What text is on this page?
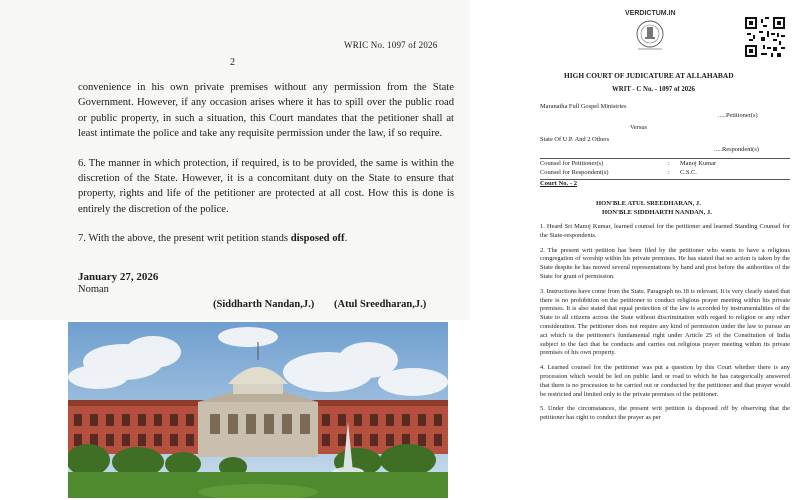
WRIC No. 1097 of 2026
2

convenience in his own private premises without any permission from the State Government. However, if any occasion arises where it has to spill over the public road or public property, in such a situation, this Court mandates that the petitioner shall at least intimate the police and take any requisite permission under the law, if so require.

6. The manner in which protection, if required, is to be provided, the same is within the discretion of the State. However, it is a concomitant duty on the State to ensure that property, rights and life of the petitioner are protected at all cost. How this is done is entirely the discretion of the police.

7. With the above, the present writ petition stands disposed off.

January 27, 2026
Noman
(Siddharth Nandan,J.) (Atul Sreedharan,J.)
VERDICTUM.IN
HIGH COURT OF JUDICATURE AT ALLAHABAD
WRIT - C No. - 1097 of 2026
Maranatha Full Gospel Ministries
.....Petitioner(s)
Versus
State Of U.P. And 2 Others
.....Respondent(s)
Counsel for Petitioner(s)	: Manoj Kumar
Counsel for Respondent(s)	: C.S.C.
Court No. - 2
HON'BLE ATUL SREEDHARAN, J.
HON'BLE SIDDHARTH NANDAN, J.

1. Heard Sri Manoj Kumar, learned counsel for the petitioner and learned Standing Counsel for the State-respondents.

2. The present writ petition has been filed by the petitioner who wants to have a religious congregation of worship within his private premises. He has stated that no action is taken by the State despite he has moved several representations by hand and post before the authorities of the State for grant of permission.

3. Instructions have come from the State. Paragraph no.18 is relevant. It is very clearly stated that there is no prohibition on the petitioner to conduct religious prayer meeting within his private premises. It is also stated that equal protection of the law is accorded by instrumentalities of the State to all citizens across the State without discrimination with regard to religion or any other consideration. The petitioner does not require any kind of permission under the law to pursue an act which is the petitioner's fundamental right under Article 25 of the Constitution of India subject to the fact that he conducts and carries out religious prayer meeting within its private premises of his own property.

4. Learned counsel for the petitioner was put a question by this Court whether there is any procession which would be led on public land or road to which he has categorically answered that there is no procession to be carried out or conducted by the petitioner and that prayer would be restricted and limited only to the private premises of the petitioner.

5. Under the circumstances, the present writ petition is disposed off by observing that the petitioner has right to conduct the prayer as per
